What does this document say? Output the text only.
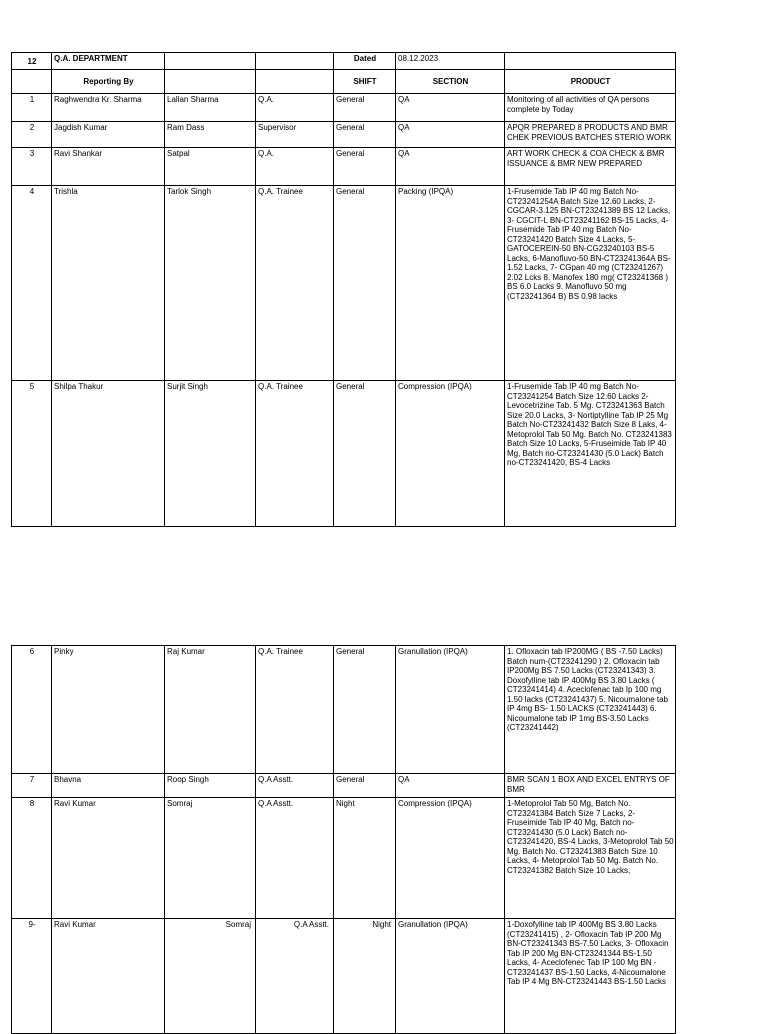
12	Q.A. DEPARTMENT			Dated	08.12.2023	
	Reporting By			SHIFT	SECTION	PRODUCT
1	Raghwendra Kr. Sharma	Lallan Sharma	Q.A.	General	QA	Monitoring of all activities of QA persons complete by Today
2	Jagdish Kumar	Ram Dass	Supervisor	General	QA	APQR PREPARED 8 PRODUCTS AND BMR CHEK PREVIOUS BATCHES STERIO WORK
3	Ravi Shankar	Satpal	Q.A.	General	QA	ART WORK CHECK & COA CHECK & BMR ISSUANCE & BMR NEW PREPARED
4	Trishla	Tarlok Singh	Q.A. Trainee	General	Packing (IPQA)	1-Frusemide Tab IP 40 mg Batch No-CT23241254A Batch Size 12.60 Lacks, 2-CGCAR-3.125 BN-CT23241389 BS 12 Lacks, 3- CGCIT-L BN-CT23241162 BS-15 Lacks, 4-Frusemide Tab IP 40 mg Batch No-CT23241420 Batch Size 4 Lacks, 5-GATOCEREIN-50 BN-CG23240103 BS-5 Lacks, 6-Manofluvo-50 BN-CT23241364A BS-1.52 Lacks, 7- CGpan 40 mg (CT23241267) 2.02 Lcks 8. Manofex 180 mg( CT23241368 ) BS 6.0 Lacks 9. Manofluvo 50 mg (CT23241364 B) BS 0.98 lacks
5	Shilpa Thakur	Surjit Singh	Q.A. Trainee	General	Compression (IPQA)	1-Frusemide Tab IP 40 mg Batch No-CT23241254 Batch Size 12.60 Lacks 2-Levocetrizine Tab. 5 Mg. CT23241363 Batch Size 20.0 Lacks, 3- Nortiptylline Tab IP 25 Mg Batch No-CT23241432 Batch Size 8 Laks, 4-Metoprolol Tab 50 Mg. Batch No. CT23241383 Batch Size 10 Lacks, 5-Fruseimide Tab IP 40 Mg, Batch no-CT23241430 (5.0 Lack) Batch no-CT23241420, BS-4 Lacks
6	Pinky	Raj Kumar	Q.A. Trainee	General	Granullation (IPQA)	1. Ofloxacin tab IP200MG ( BS -7.50 Lacks) Batch num-(CT23241290 ) 2. Ofloxacin tab IP200Mg BS 7.50 Lacks (CT23241343) 3. Doxofylline tab IP 400Mg BS 3.80 Lacks ( CT23241414) 4. Aceclofenac tab Ip 100 mg 1.50 lacks (CT23241437) 5. Nicoumalone tab IP 4mg BS- 1.50 LACKS (CT23241443) 6. Nicoumalone tab IP 1mg BS-3.50 Lacks (CT23241442)
7	Bhavna	Roop Singh	Q.A Asstt.	General	QA	BMR SCAN 1 BOX AND EXCEL ENTRYS OF BMR
8	Ravi Kumar	Somraj	Q.A Asstt.	Night	Compression (IPQA)	1-Metoprolol Tab 50 Mg, Batch No. CT23241384 Batch Size 7 Lacks, 2-Fruseimide Tab IP 40 Mg, Batch no-CT23241430 (5.0 Lack) Batch no-CT23241420, BS-4 Lacks, 3-Metoprolol Tab 50 Mg. Batch No. CT23241383 Batch Size 10 Lacks, 4- Metoprolol Tab 50 Mg. Batch No. CT23241382 Batch Size 10 Lacks,
9-	Ravi Kumar	Somraj	Q.A Asstt.	Night	Granullation (IPQA)	1-Doxofylline tab IP 400Mg BS 3.80 Lacks (CT23241415) , 2- Ofloxacin Tab IP 200 Mg BN-CT23241343 BS-7.50 Lacks, 3- Ofloxacin Tab IP 200 Mg BN-CT23241344 BS-1.50 Lacks, 4- Aceclofenec Tab IP 100 Mg BN -CT23241437 BS-1.50 Lacks, 4-Nicoumalone Tab IP 4 Mg BN-CT23241443 BS-1.50 Lacks
